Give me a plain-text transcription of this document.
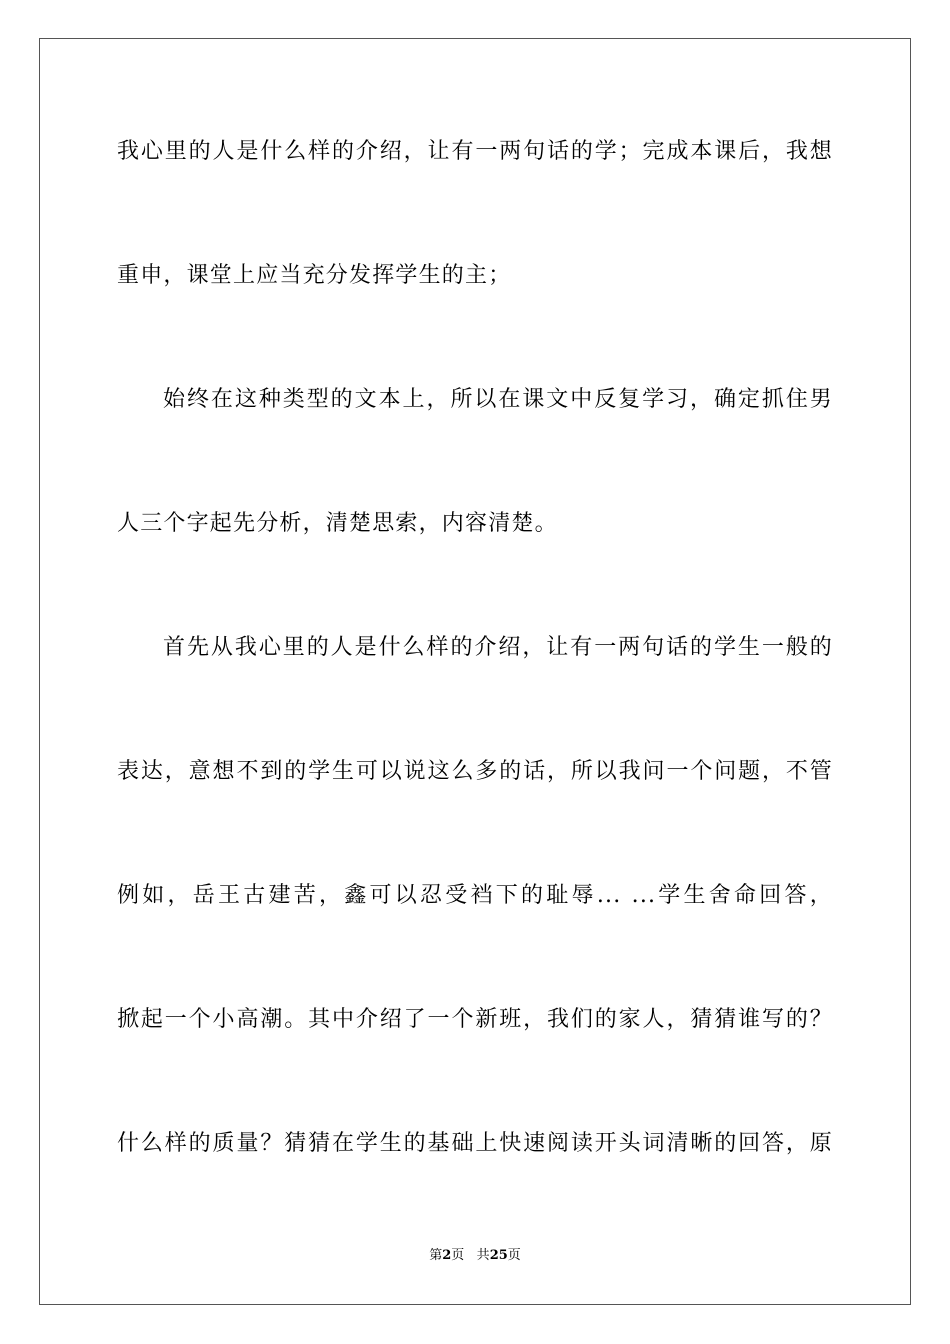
我心里的人是什么样的介绍，让有一两句话的学；完成本课后，我想
重申，课堂上应当充分发挥学生的主；
始终在这种类型的文本上，所以在课文中反复学习，确定抓住男
人三个字起先分析，清楚思索，内容清楚。
首先从我心里的人是什么样的介绍，让有一两句话的学生一般的
表达，意想不到的学生可以说这么多的话，所以我问一个问题，不管
例如，岳王古建苦，鑫可以忍受裆下的耻辱... ...学生舍命回答，
掀起一个小高潮。其中介绍了一个新班，我们的家人，猜猜谁写的？
什么样的质量？猜猜在学生的基础上快速阅读开头词清晰的回答，原
第2页 共25页
